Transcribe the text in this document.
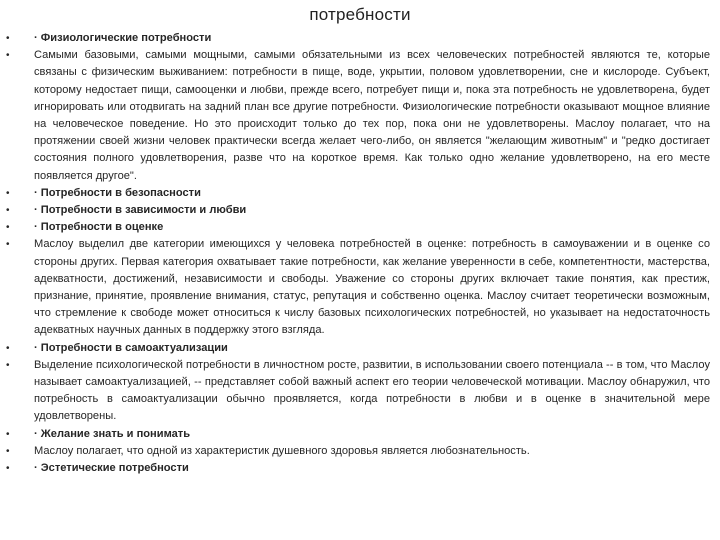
потребности
•	· Физиологические потребности
•	Самыми базовыми, самыми мощными, самыми обязательными из всех человеческих потребностей являются те, которые связаны с физическим выживанием: потребности в пище, воде, укрытии, половом удовлетворении, сне и кислороде. Субъект, которому недостает пищи, самооценки и любви, прежде всего, потребует пищи и, пока эта потребность не удовлетворена, будет игнорировать или отодвигать на задний план все другие потребности. Физиологические потребности оказывают мощное влияние на человеческое поведение. Но это происходит только до тех пор, пока они не удовлетворены. Маслоу полагает, что на протяжении своей жизни человек практически всегда желает чего-либо, он является "желающим животным" и "редко достигает состояния полного удовлетворения, разве что на короткое время. Как только одно желание удовлетворено, на его месте появляется другое".
•	· Потребности в безопасности
•	· Потребности в зависимости и любви
•	· Потребности в оценке
•	Маслоу выделил две категории имеющихся у человека потребностей в оценке: потребность в самоуважении и в оценке со стороны других. Первая категория охватывает такие потребности, как желание уверенности в себе, компетентности, мастерства, адекватности, достижений, независимости и свободы. Уважение со стороны других включает такие понятия, как престиж, признание, принятие, проявление внимания, статус, репутация и собственно оценка. Маслоу считает теоретически возможным, что стремление к свободе может относиться к числу базовых психологических потребностей, но указывает на недостаточность адекватных научных данных в поддержку этого взгляда.
•	· Потребности в самоактуализации
•	Выделение психологической потребности в личностном росте, развитии, в использовании своего потенциала -- в том, что Маслоу называет самоактуализацией, -- представляет собой важный аспект его теории человеческой мотивации. Маслоу обнаружил, что потребность в самоактуализации обычно проявляется, когда потребности в любви и в оценке в значительной мере удовлетворены.
•	· Желание знать и понимать
•	Маслоу полагает, что одной из характеристик душевного здоровья является любознательность.
•	· Эстетические потребности
